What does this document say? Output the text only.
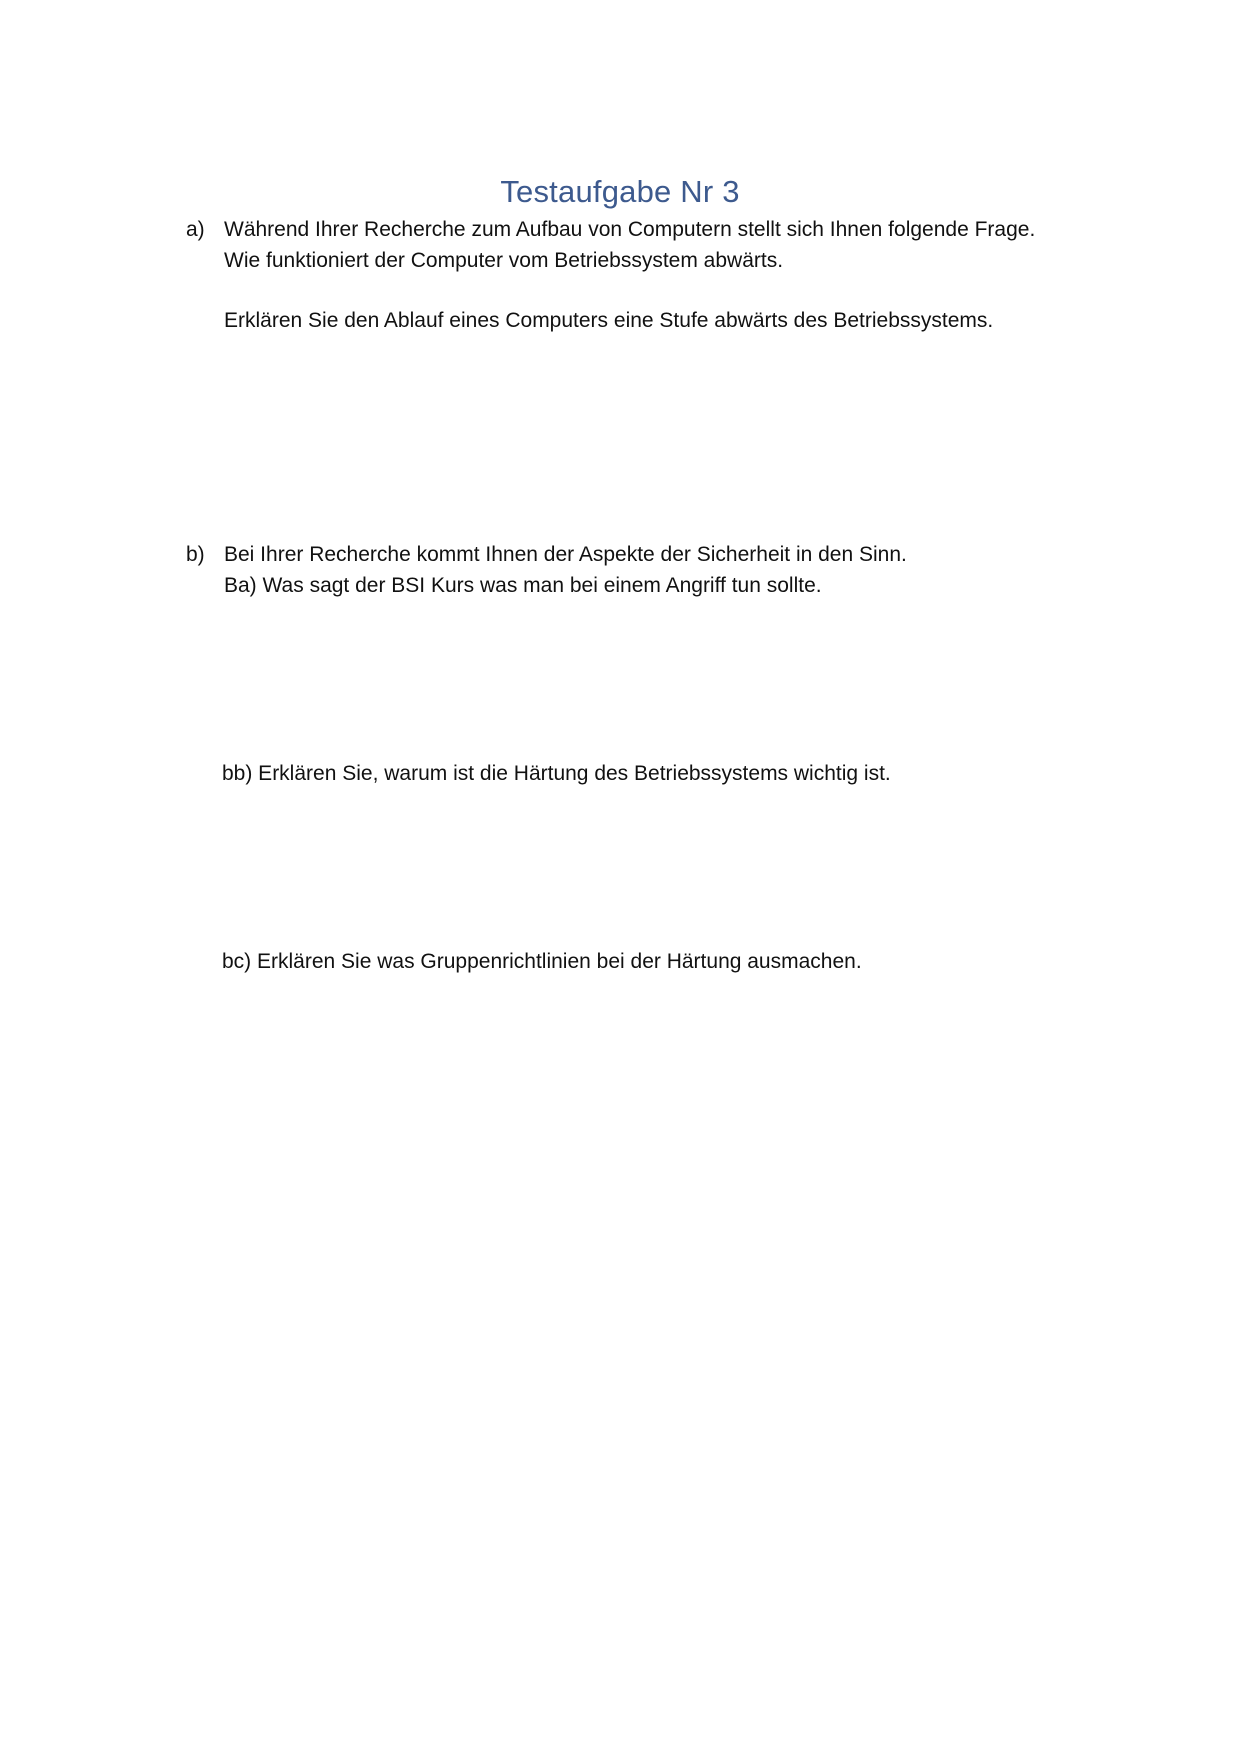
Testaufgabe Nr 3
a) Während Ihrer Recherche zum Aufbau von Computern stellt sich Ihnen folgende Frage.
Wie funktioniert der Computer vom Betriebssystem abwärts.
Erklären Sie den Ablauf eines Computers eine Stufe abwärts des Betriebssystems.
b) Bei Ihrer Recherche kommt Ihnen der Aspekte der Sicherheit in den Sinn.
Ba) Was sagt der BSI Kurs was man bei einem Angriff tun sollte.
bb) Erklären Sie, warum ist die Härtung des Betriebssystems wichtig ist.
bc) Erklären Sie was Gruppenrichtlinien bei der Härtung ausmachen.
